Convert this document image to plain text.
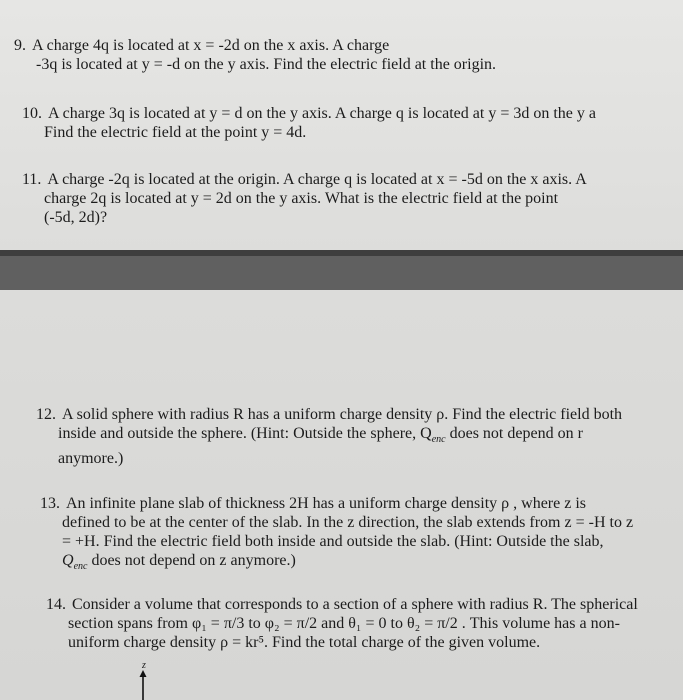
9. A charge 4q is located at x = -2d on the x axis. A charge
-3q is located at y = -d on the y axis. Find the electric field at the origin.
10. A charge 3q is located at y = d on the y axis. A charge q is located at y = 3d on the y a
Find the electric field at the point y = 4d.
11. A charge -2q is located at the origin. A charge q is located at x = -5d on the x axis. A
charge 2q is located at y = 2d on the y axis. What is the electric field at the point
(-5d, 2d)?
12. A solid sphere with radius R has a uniform charge density ρ. Find the electric field both
inside and outside the sphere. (Hint: Outside the sphere, $Q_{enc}$ does not depend on r
anymore.)
13. An infinite plane slab of thickness 2H has a uniform charge density ρ , where z is
defined to be at the center of the slab. In the z direction, the slab extends from z = -H to z
= +H. Find the electric field both inside and outside the slab. (Hint: Outside the slab,
$Q_{enc}$ does not depend on z anymore.)
14. Consider a volume that corresponds to a section of a sphere with radius R. The spherical
section spans from φ₁ = π/3 to φ₂ = π/2 and θ₁ = 0 to θ₂ = π/2 . This volume has a non-
uniform charge density ρ = kr⁵. Find the total charge of the given volume.
z
